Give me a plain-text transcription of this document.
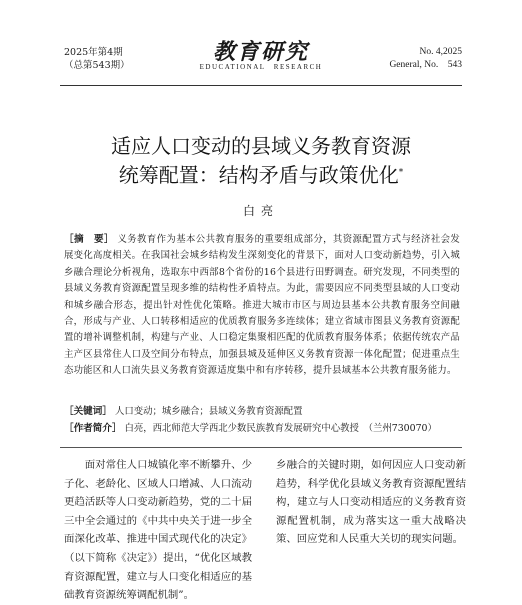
2025年第4期
（总第543期）
教育研究
EDUCATIONAL　RESEARCH
No. 4,2025
General, No.　543
适应人口变动的县域义务教育资源
统筹配置：结构矛盾与政策优化*
白亮
［摘　要］ 义务教育作为基本公共教育服务的重要组成部分，其资源配置方式与经济社会发展变化高度相关。在我国社会城乡结构发生深刻变化的背景下，面对人口变动新趋势，引入城乡融合理论分析视角，选取东中西部8个省份的16个县进行田野调查。研究发现，不同类型的县域义务教育资源配置呈现多维的结构性矛盾特点。为此，需要因应不同类型县域的人口变动和城乡融合形态，提出针对性优化策略。推进大城市市区与周边县基本公共教育服务空间融合，形成与产业、人口转移相适应的优质教育服务多连续体；建立省域市图县义务教育资源配置的增补调整机制，构建与产业、人口稳定集聚相匹配的优质教育服务体系；依据传统农产品主产区县常住人口及空间分布特点，加强县城及延伸区义务教育资源一体化配置；促进重点生态功能区和人口流失县义务教育资源适度集中和有序转移，提升县域基本公共教育服务能力。
［关键词］ 人口变动；城乡融合；县域义务教育资源配置
［作者简介］ 白亮，西北师范大学西北少数民族教育发展研究中心教授　（兰州730070）
面对常住人口城镇化率不断攀升、少子化、老龄化、区域人口增减、人口流动更趋活跃等人口变动新趋势，党的二十届三中全会通过的《中共中央关于进一步全面深化改革、推进中国式现代化的决定》（以下简称《决定》）提出，“优化区域教育资源配置，建立与人口变化相适应的基础教育资源统筹调配机制”。
乡融合的关键时期，如何因应人口变动新趋势，科学优化县域义务教育资源配置结构，建立与人口变动相适应的义务教育资源配置机制，成为落实这一重大战略决策、回应党和人民重大关切的现实问题。
